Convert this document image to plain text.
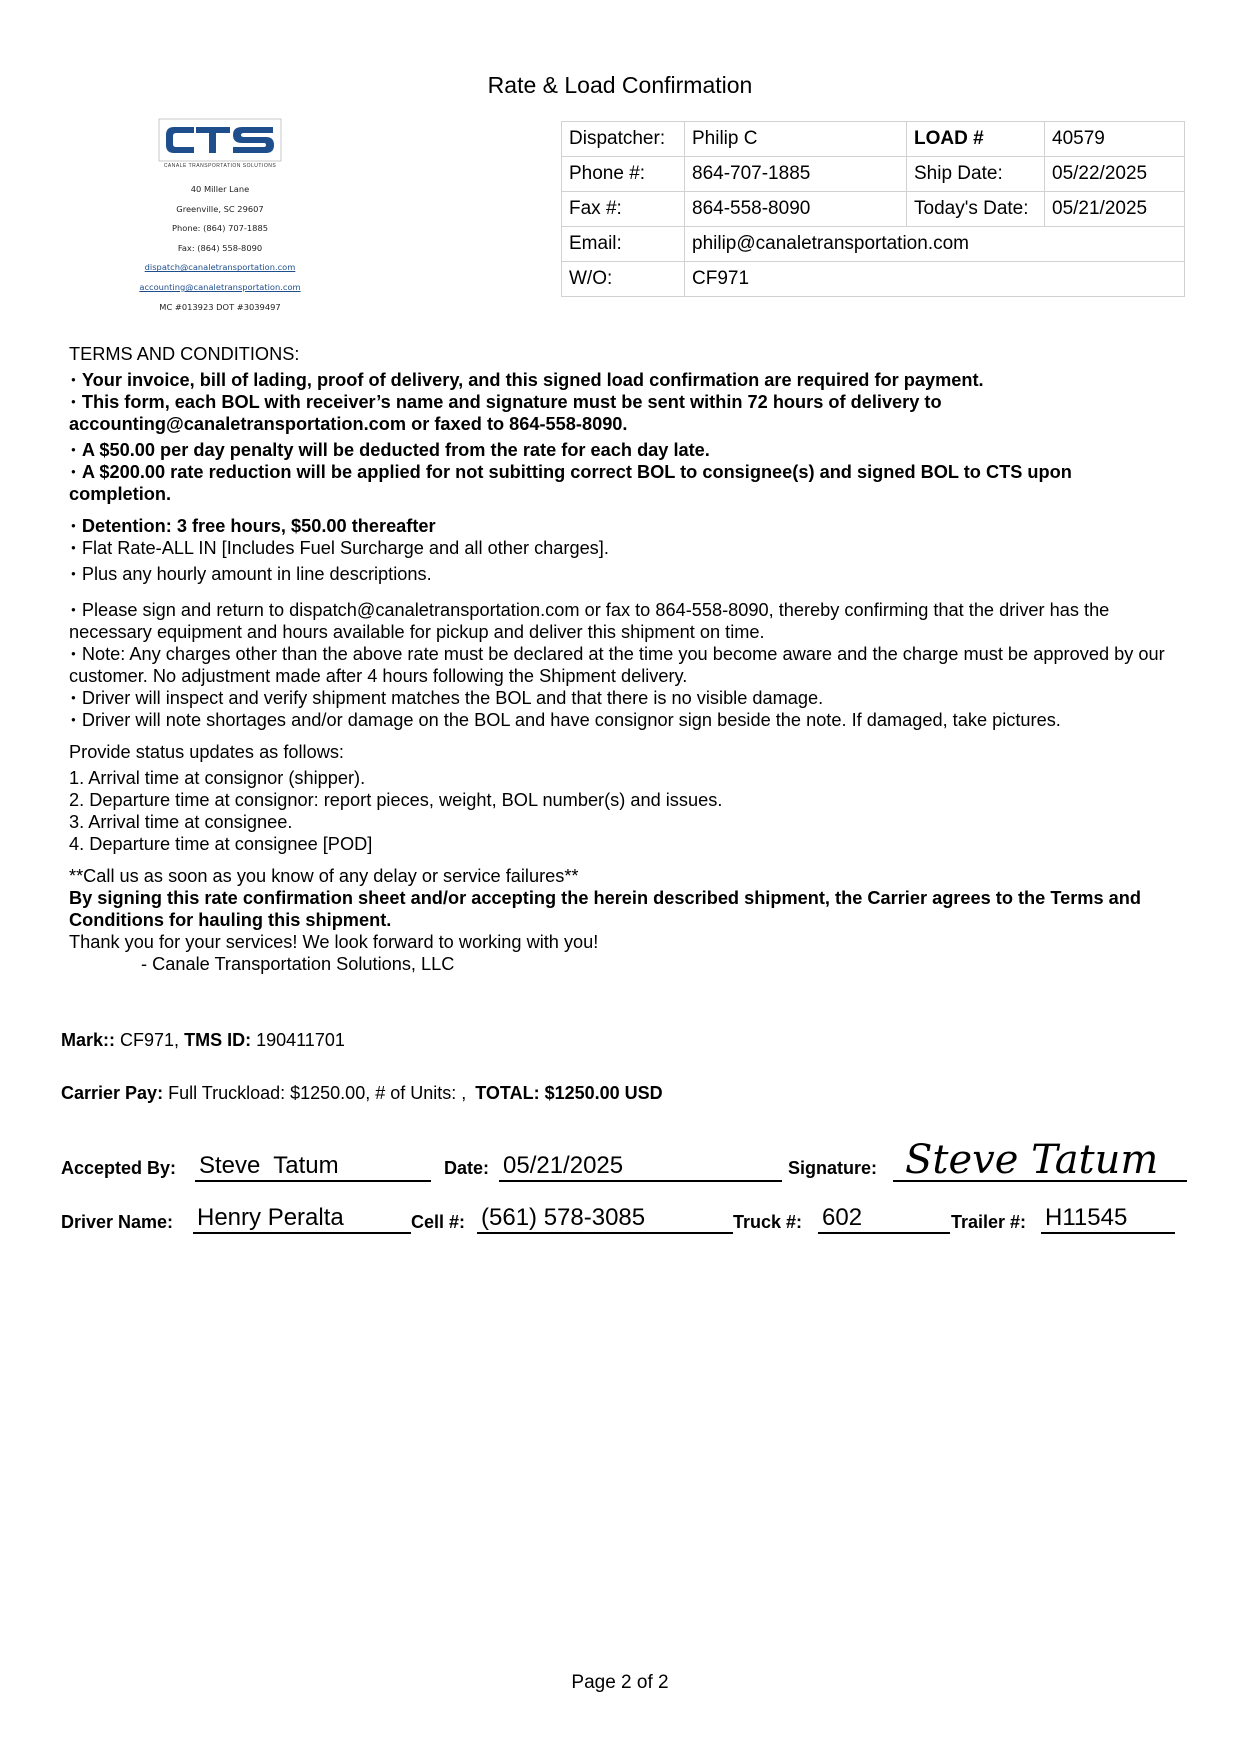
Rate & Load Confirmation
CANALE TRANSPORTATION SOLUTIONS
40 Miller Lane
Greenville, SC 29607
Phone: (864) 707-1885
Fax: (864) 558-8090
dispatch@canaletransportation.com
accounting@canaletransportation.com
MC #013923 DOT #3039497
Dispatcher:	Philip C	LOAD #	40579
Phone #:	864-707-1885	Ship Date:	05/22/2025
Fax #:	864-558-8090	Today's Date:	05/21/2025
Email:	philip@canaletransportation.com		
W/O:	CF971		

TERMS AND CONDITIONS:

● Your invoice, bill of lading, proof of delivery, and this signed load confirmation are required for payment.

● This form, each BOL with receiver’s name and signature must be sent within 72 hours of delivery to accounting@canaletransportation.com or faxed to 864-558-8090.

● A $50.00 per day penalty will be deducted from the rate for each day late.

● A $200.00 rate reduction will be applied for not subitting correct BOL to consignee(s) and signed BOL to CTS upon completion.

● Detention: 3 free hours, $50.00 thereafter

● Flat Rate-ALL IN [Includes Fuel Surcharge and all other charges].

● Plus any hourly amount in line descriptions.

● Please sign and return to dispatch@canaletransportation.com or fax to 864-558-8090, thereby confirming that the driver has the necessary equipment and hours available for pickup and deliver this shipment on time.

● Note: Any charges other than the above rate must be declared at the time you become aware and the charge must be approved by our customer. No adjustment made after 4 hours following the Shipment delivery.

● Driver will inspect and verify shipment matches the BOL and that there is no visible damage.

● Driver will note shortages and/or damage on the BOL and have consignor sign beside the note. If damaged, take pictures.

Provide status updates as follows:

1. Arrival time at consignor (shipper).

2. Departure time at consignor: report pieces, weight, BOL number(s) and issues.

3. Arrival time at consignee.

4. Departure time at consignee [POD]

**Call us as soon as you know of any delay or service failures**

By signing this rate confirmation sheet and/or accepting the herein described shipment, the Carrier agrees to the Terms and Conditions for hauling this shipment.

Thank you for your services! We look forward to working with you!

- Canale Transportation Solutions, LLC

Mark:: CF971, TMS ID: 190411701
Carrier Pay: Full Truckload: $1250.00, # of Units: , TOTAL: $1250.00 USD
Accepted By: Steve  Tatum	Date: 05/21/2025	Signature: Steve Tatum
Driver Name: Henry Peralta	Cell #: (561) 578-3085	Truck #: 602	Trailer #: H11545
Page 2 of 2
